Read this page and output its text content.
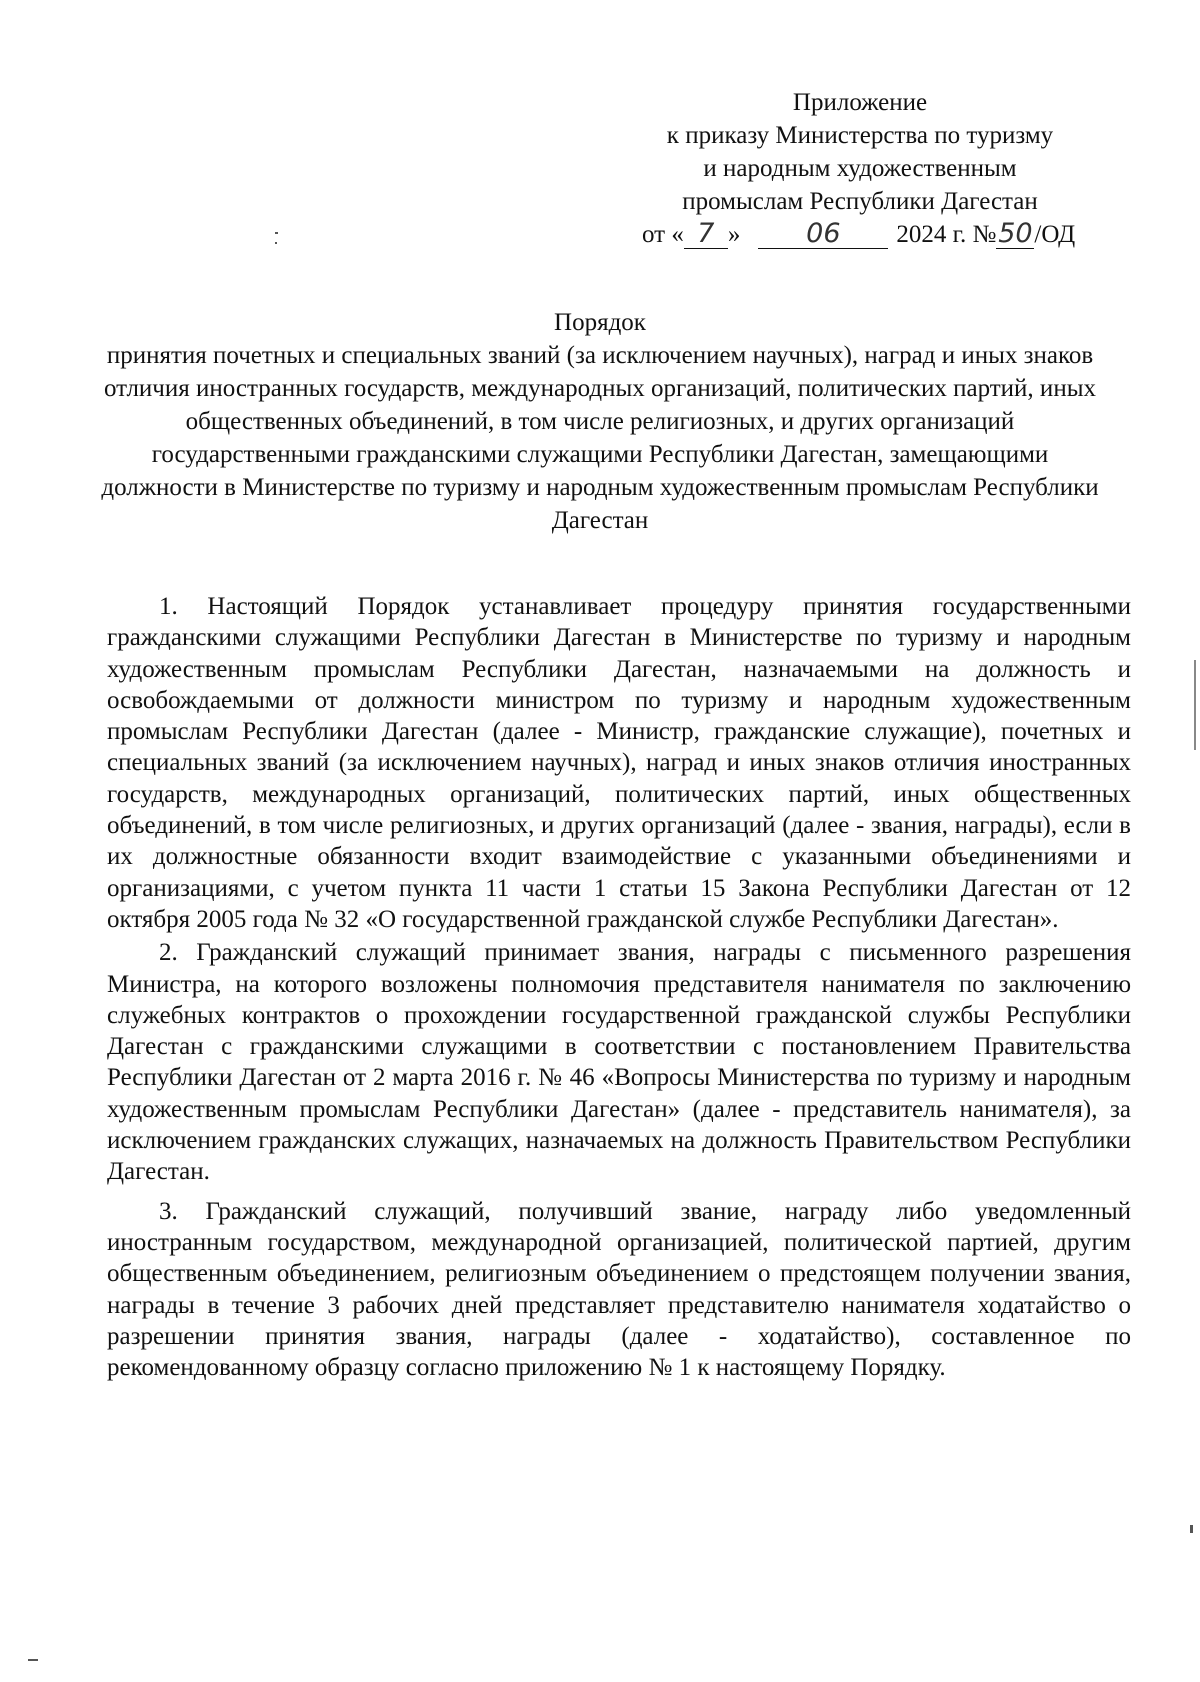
Приложение
к приказу Министерства по туризму
и народным художественным
промыслам Республики Дагестан
от « 7 » 06 2024 г. №50/ОД
Порядок
принятия почетных и специальных званий (за исключением научных), наград и иных знаков отличия иностранных государств, международных организаций, политических партий, иных общественных объединений, в том числе религиозных, и других организаций государственными гражданскими служащими Республики Дагестан, замещающими должности в Министерстве по туризму и народным художественным промыслам Республики Дагестан

1. Настоящий Порядок устанавливает процедуру принятия государственными гражданскими служащими Республики Дагестан в Министерстве по туризму и народным художественным промыслам Республики Дагестан, назначаемыми на должность и освобождаемыми от должности министром по туризму и народным художественным промыслам Республики Дагестан (далее - Министр, гражданские служащие), почетных и специальных званий (за исключением научных), наград и иных знаков отличия иностранных государств, международных организаций, политических партий, иных общественных объединений, в том числе религиозных, и других организаций (далее - звания, награды), если в их должностные обязанности входит взаимодействие с указанными объединениями и организациями, с учетом пункта 11 части 1 статьи 15 Закона Республики Дагестан от 12 октября 2005 года № 32 «О государственной гражданской службе Республики Дагестан».

2. Гражданский служащий принимает звания, награды с письменного разрешения Министра, на которого возложены полномочия представителя нанимателя по заключению служебных контрактов о прохождении государственной гражданской службы Республики Дагестан с гражданскими служащими в соответствии с постановлением Правительства Республики Дагестан от 2 марта 2016 г. № 46 «Вопросы Министерства по туризму и народным художественным промыслам Республики Дагестан» (далее - представитель нанимателя), за исключением гражданских служащих, назначаемых на должность Правительством Республики Дагестан.

3. Гражданский служащий, получивший звание, награду либо уведомленный иностранным государством, международной организацией, политической партией, другим общественным объединением, религиозным объединением о предстоящем получении звания, награды в течение 3 рабочих дней представляет представителю нанимателя ходатайство о разрешении принятия звания, награды (далее - ходатайство), составленное по рекомендованному образцу согласно приложению № 1 к настоящему Порядку.
